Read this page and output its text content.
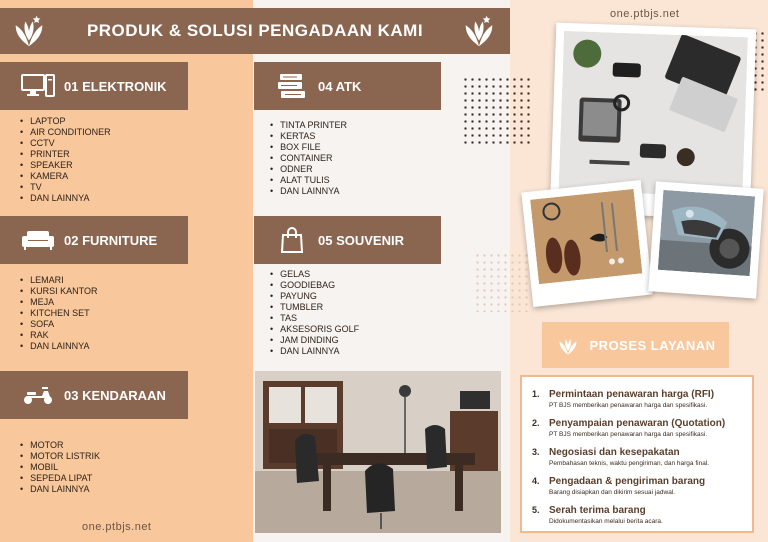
PRODUK & SOLUSI PENGADAAN KAMI
one.ptbjs.net
01 ELEKTRONIK
• LAPTOP
• AIR CONDITIONER
• CCTV
• PRINTER
• SPEAKER
• KAMERA
• TV
• DAN LAINNYA
02 FURNITURE
• LEMARI
• KURSI KANTOR
• MEJA
• KITCHEN SET
• SOFA
• RAK
• DAN LAINNYA
03 KENDARAAN
• MOTOR
• MOTOR LISTRIK
• MOBIL
• SEPEDA LIPAT
• DAN LAINNYA
04 ATK
• TINTA PRINTER
• KERTAS
• BOX FILE
• CONTAINER
• ODNER
• ALAT TULIS
• DAN LAINNYA
05 SOUVENIR
• GELAS
• GOODIEBAG
• PAYUNG
• TUMBLER
• TAS
• AKSESORIS GOLF
• JAM DINDING
• DAN LAINNYA	PROSES LAYANAN
1. Permintaan penawaran harga (RFI)
PT BJS memberikan penawaran harga dan spesifikasi.
2. Penyampaian penawaran (Quotation)
PT BJS memberikan penawaran harga dan spesifikasi.
3. Negosiasi dan kesepakatan
Pembahasan teknis, waktu pengiriman, dan harga final.
4. Pengadaan & pengiriman barang
Barang disiapkan dan dikirim sesuai jadwal.
5. Serah terima barang
Didokumentasikan melalui berita acara.
one.ptbjs.net
